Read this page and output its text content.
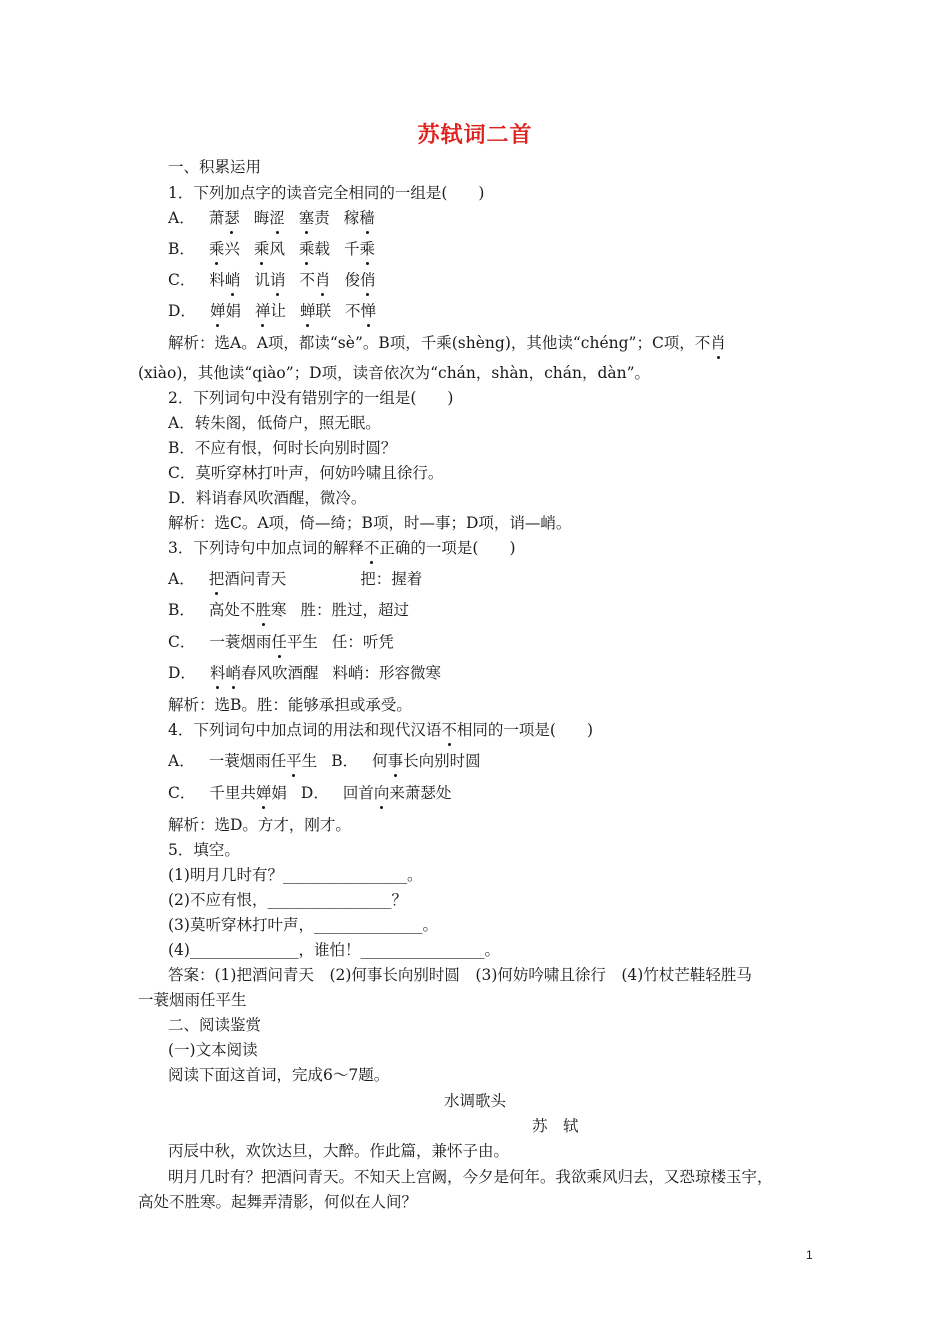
苏轼词二首
一、积累运用
1．下列加点字的读音完全相同的一组是(　　)
A． 萧瑟 晦涩 塞责 稼穑
B． 乘兴 乘风 乘载 千乘
C． 料峭 讥诮 不肖 俊俏
D． 婵娟 禅让 蝉联 不惮
解析：选A。A项，都读“sè”。B项，千乘(shèng)，其他读“chéng”；C项，不肖
(xiào)，其他读“qiào”；D项，读音依次为“chán，shàn，chán，dàn”。
2．下列词句中没有错别字的一组是(　　)
A．转朱阁，低倚户，照无眠。
B．不应有恨，何时长向别时圆？
C．莫听穿林打叶声，何妨吟啸且徐行。
D．料诮春风吹酒醒，微冷。
解析：选C。A项，倚—绮；B项，时—事；D项，诮—峭。
3．下列诗句中加点词的解释不正确的一项是(　　)
A． 把酒问青天	把：握着
B． 高处不胜寒 胜：胜过，超过
C． 一蓑烟雨任平生 任：听凭
D． 料峭春风吹酒醒 料峭：形容微寒
解析：选B。胜：能够承担或承受。
4．下列词句中加点词的用法和现代汉语不相同的一项是(　　)
A． 一蓑烟雨任平生 B． 何事长向别时圆
C． 千里共婵娟 D． 回首向来萧瑟处
解析：选D。方才，刚才。
5．填空。
(1)明月几时有？________________。
(2)不应有恨，________________？
(3)莫听穿林打叶声，______________。
(4)______________，谁怕！________________。
答案：(1)把酒问青天　(2)何事长向别时圆　(3)何妨吟啸且徐行　(4)竹杖芒鞋轻胜马
一蓑烟雨任平生
二、阅读鉴赏
(一)文本阅读
阅读下面这首词，完成6～7题。
水调歌头
苏　轼
丙辰中秋，欢饮达旦，大醉。作此篇，兼怀子由。
明月几时有？把酒问青天。不知天上宫阙，今夕是何年。我欲乘风归去，又恐琼楼玉宇，
高处不胜寒。起舞弄清影，何似在人间？
1
